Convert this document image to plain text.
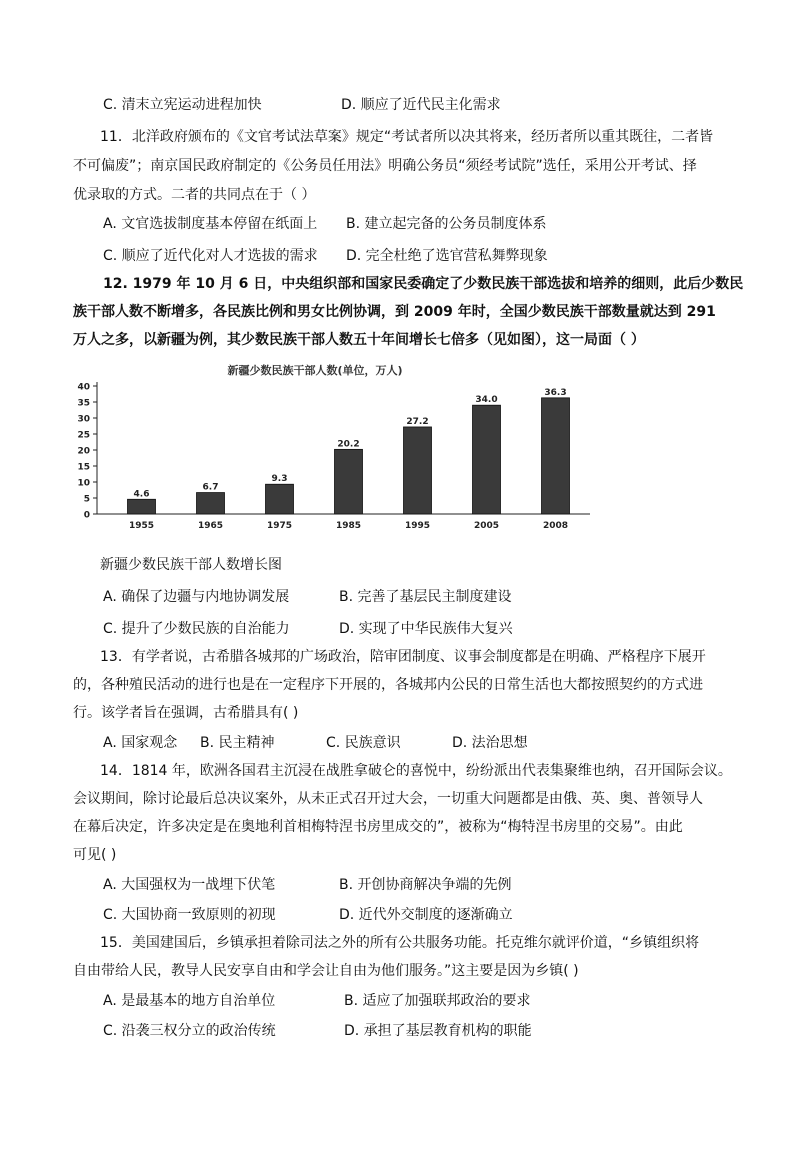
C. 清末立宪运动进程加快	D. 顺应了近代民主化需求
11．北洋政府颁布的《文官考试法草案》规定“考试者所以决其将来，经历者所以重其既往，二者皆
不可偏废”；南京国民政府制定的《公务员任用法》明确公务员“须经考试院”选任，采用公开考试、择
优录取的方式。二者的共同点在于（ ）
A. 文官选拔制度基本停留在纸面上 B. 建立起完备的公务员制度体系
C. 顺应了近代化对人才选拔的需求 D. 完全杜绝了选官营私舞弊现象
12. 1979 年 10 月 6 日，中央组织部和国家民委确定了少数民族干部选拔和培养的细则，此后少数民
族干部人数不断增多，各民族比例和男女比例协调，到 2009 年时，全国少数民族干部数量就达到 291
万人之多，以新疆为例，其少数民族干部人数五十年间增长七倍多（见如图），这一局面（ ）
新疆少数民族干部人数(单位，万人)
0
5
10
15
20
25
30
35
40
4.6
1955
6.7
1965
9.3
1975
20.2
1985
27.2
1995
34.0
2005
36.3
2008
新疆少数民族干部人数增长图
A. 确保了边疆与内地协调发展	B. 完善了基层民主制度建设
C. 提升了少数民族的自治能力	D. 实现了中华民族伟大复兴
13．有学者说，古希腊各城邦的广场政治，陪审团制度、议事会制度都是在明确、严格程序下展开
的，各种殖民活动的进行也是在一定程序下开展的，各城邦内公民的日常生活也大都按照契约的方式进
行。该学者旨在强调，古希腊具有( )
A. 国家观念 B. 民主精神	C. 民族意识	D. 法治思想
14．1814 年，欧洲各国君主沉浸在战胜拿破仑的喜悦中，纷纷派出代表集聚维也纳，召开国际会议。
会议期间，除讨论最后总决议案外，从未正式召开过大会，一切重大问题都是由俄、英、奥、普领导人
在幕后决定，许多决定是在奥地利首相梅特涅书房里成交的”，被称为“梅特涅书房里的交易”。由此
可见( )
A. 大国强权为一战埋下伏笔	B. 开创协商解决争端的先例
C. 大国协商一致原则的初现	D. 近代外交制度的逐渐确立
15．美国建国后，乡镇承担着除司法之外的所有公共服务功能。托克维尔就评价道，“乡镇组织将
自由带给人民，教导人民安享自由和学会让自由为他们服务。”这主要是因为乡镇( )
A. 是最基本的地方自治单位	B. 适应了加强联邦政治的要求
C. 沿袭三权分立的政治传统	D. 承担了基层教育机构的职能
